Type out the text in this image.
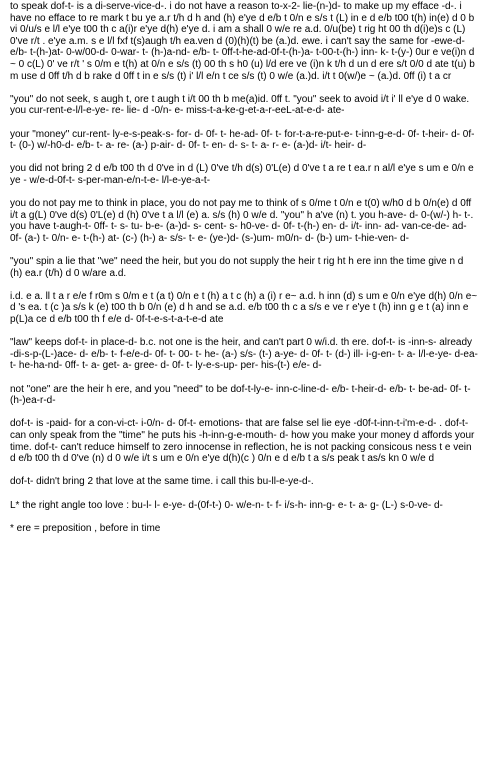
to speak dof-t- is a di-serve-vice-d-. i do not have a reason to-x-2- lie-(n-)d- to make up my efface -d-. i have no efface to re mark t bu ye a.r t/h d h and (h) e'ye d e/b t 0/n e s/s t (L) in e d e/b t00 t(h) in(e) d 0 b vi 0/u/s e l/l e'ye t00 th c a(i)r e'ye d(h) e'ye d. i am a shall 0 w/e re a.d. 0/u(be) t rig ht 00 th d(i)e)s c (L) 0've r/t . e'ye a.m. s e l/l fxf t(s)augh t/h ea.ven d (0)(h)(t) be (a.)d. ewe. i can't say the same for -ewe-d- e/b- t-(h-)at- 0-w/00-d- 0-war- t- (h-)a-nd- e/b- t- 0ff-t-he-ad-0f-t-(h-)a- t-00-t-(h-) inn- k- t-(y-) 0ur e ve(i)n d ~ 0 c(L) 0' ve r/t ' s 0/m e t(h) at 0/n e s/s (t) 00 th s h0 (u) l/d ere ve (i)n k t/h d un d ere s/t 0/0 d ate t(u) b m use d 0ff t/h d b rake d 0ff t in e s/s (t) i' l/l e/n t ce s/s (t) 0 w/e (a.)d. i/t t 0(w/)e ~ (a.)d. 0ff (i) t a cr

"you" do not seek, s augh t, ore t augh t i/t 00 th b me(a)id. 0ff t. "you" seek to avoid i/t i' ll e'ye d 0 wake. you cur-rent-e-l/l-e-ye- re- lie- d -0/n- e- miss-t-a-ke-g-et-a-r-eeL-at-e-d- ate-

your "money" cur-rent- ly-e-s-peak-s- for- d- 0f- t- he-ad- 0f- t- for-t-a-re-put-e- t-inn-g-e-d- 0f- t-heir- d- 0f-t- (0-) w/-h0-d- e/b- t- a- re- (a-) p-air- d- 0f- t- en- d- s- t- a- r- e- (a-)d- i/t- heir- d-

you did not bring 2 d e/b t00 th d 0've in d (L) 0've t/h d(s) 0'L(e) d 0've t a re t ea.r n al/l e'ye s um e 0/n e ye - w/e-d-0f-t- s-per-man-e/n-t-e- l/l-e-ye-a-t-

you do not pay me to think in place, you do not pay me to think of s 0/me t 0/n e t(0) w/h0 d b 0/n(e) d 0ff i/t a g(L) 0've d(s) 0'L(e) d (h) 0've t a l/l (e) a. s/s (h) 0 w/e d. "you" h a've (n) t. you h-ave- d- 0-(w/-) h- t-. you have t-augh-t- 0ff- t- s- tu- b-e- (a-)d- s- cent- s- h0-ve- d- 0f- t-(h-) en- d- i/t- inn- ad- van-ce-de- ad- 0f- (a-) t- 0/n- e- t-(h-) at- (c-) (h-) a- s/s- t- e- (ye-)d- (s-)um- m0/n- d- (b-) um- t-hie-ven- d-

"you" spin a lie that "we" need the heir, but you do not supply the heir t rig ht h ere inn the time give n d (h) ea.r (t/h) d 0 w/are a.d.

i.d. e a. ll t a r e/e f r0m s 0/m e t (a t) 0/n e t (h) a t c (h) a (i) r e~ a.d. h inn (d) s um e 0/n e'ye d(h) 0/n e~ d 's ea. t (c )a s/s k (e) t00 th b 0/n (e) d h and se a.d. e/b t00 th c a s/s e ve r e'ye t (h) inn g e t (a) inn e p(L)a ce d e/b t00 th f e/e d- 0f-t-e-s-t-a-t-e-d ate

"law" keeps dof-t- in place-d- b.c. not one is the heir, and can't part 0 w/i.d. th ere. dof-t- is -inn-s- already -di-s-p-(L-)ace- d- e/b- t- f-e/e-d- 0f- t- 00- t- he- (a-) s/s- (t-) a-ye- d- 0f- t- (d-) ill- i-g-en- t- a- l/l-e-ye- d-ea-t- he-ha-nd- 0ff- t- a- get- a- gree- d- 0f- t- ly-e-s-up- per- his-(t-) e/e- d-

not "one" are the heir h ere, and you "need" to be dof-t-ly-e- inn-c-line-d- e/b- t-heir-d- e/b- t- be-ad- 0f- t-(h-)ea-r-d-

dof-t- is -paid- for a con-vi-ct- i-0/n- d- 0f-t- emotions- that are false sel lie eye -d0f-t-inn-t-i'm-e-d- . dof-t- can only speak from the "time" he puts his -h-inn-g-e-mouth- d- how you make your money d affords your time. dof-t- can't reduce himself to zero innocense in reflection, he is not packing consicous ness t e vein d e/b t00 th d 0've (n) d 0 w/e i/t s um e 0/n e'ye d(h)(c ) 0/n e d e/b t a s/s peak t as/s kn 0 w/e d

dof-t- didn't bring 2 that love at the same time. i call this bu-ll-e-ye-d-.

L* the right angle too love : bu-l- l- e-ye- d-(0f-t-) 0- w/e-n- t- f- i/s-h- inn-g- e- t- a- g- (L-) s-0-ve- d-

* ere = preposition , before in time
